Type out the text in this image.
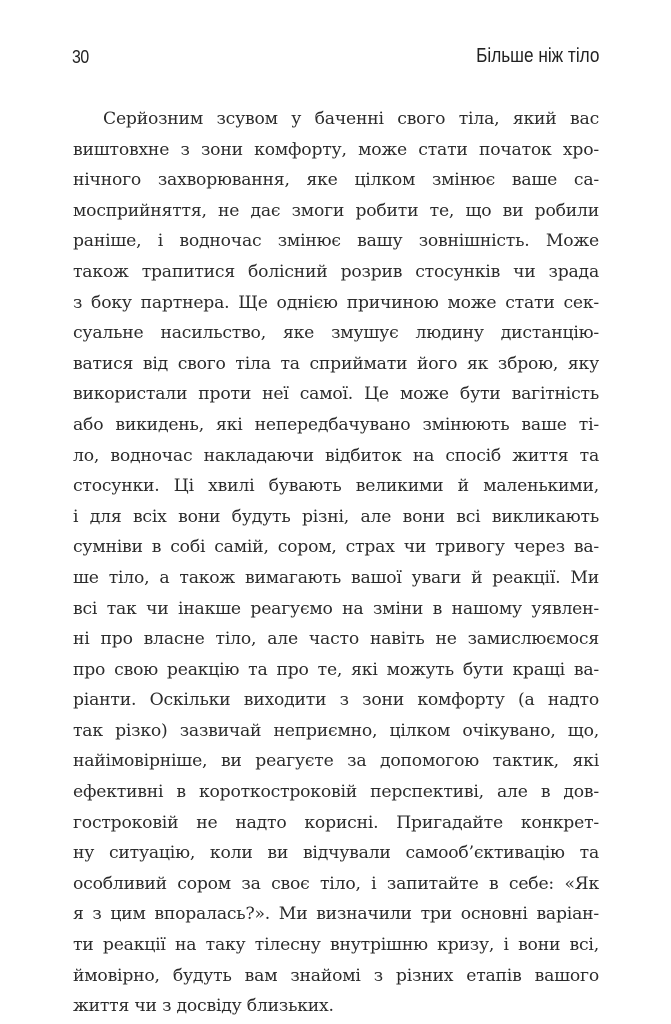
30	Більше ніж тіло
Серйозним зсувом у баченні свого тіла, який вас
виштовхне з зони комфорту, може стати початок хро-
нічного захворювання, яке цілком змінює ваше са-
мосприйняття, не дає змоги робити те, що ви робили
раніше, і водночас змінює вашу зовнішність. Може
також трапитися болісний розрив стосунків чи зрада
з боку партнера. Ще однією причиною може стати сек-
суальне насильство, яке змушує людину дистанцію-
ватися від свого тіла та сприймати його як зброю, яку
використали проти неї самої. Це може бути вагітність
або викидень, які непередбачувано змінюють ваше ті-
ло, водночас накладаючи відбиток на спосіб життя та
стосунки. Ці хвилі бувають великими й маленькими,
і для всіх вони будуть різні, але вони всі викликають
сумніви в собі самій, сором, страх чи тривогу через ва-
ше тіло, а також вимагають вашої уваги й реакції. Ми
всі так чи інакше реагуємо на зміни в нашому уявлен-
ні про власне тіло, але часто навіть не замислюємося
про свою реакцію та про те, які можуть бути кращі ва-
ріанти. Оскільки виходити з зони комфорту (а надто
так різко) зазвичай неприємно, цілком очікувано, що,
найімовірніше, ви реагуєте за допомогою тактик, які
ефективні в короткостроковій перспективі, але в дов-
гостроковій не надто корисні. Пригадайте конкрет-
ну ситуацію, коли ви відчували самооб’єктивацію та
особливий сором за своє тіло, і запитайте в себе: «Як
я з цим впоралась?». Ми визначили три основні варіан-
ти реакції на таку тілесну внутрішню кризу, і вони всі,
ймовірно, будуть вам знайомі з різних етапів вашого
життя чи з досвіду близьких.
